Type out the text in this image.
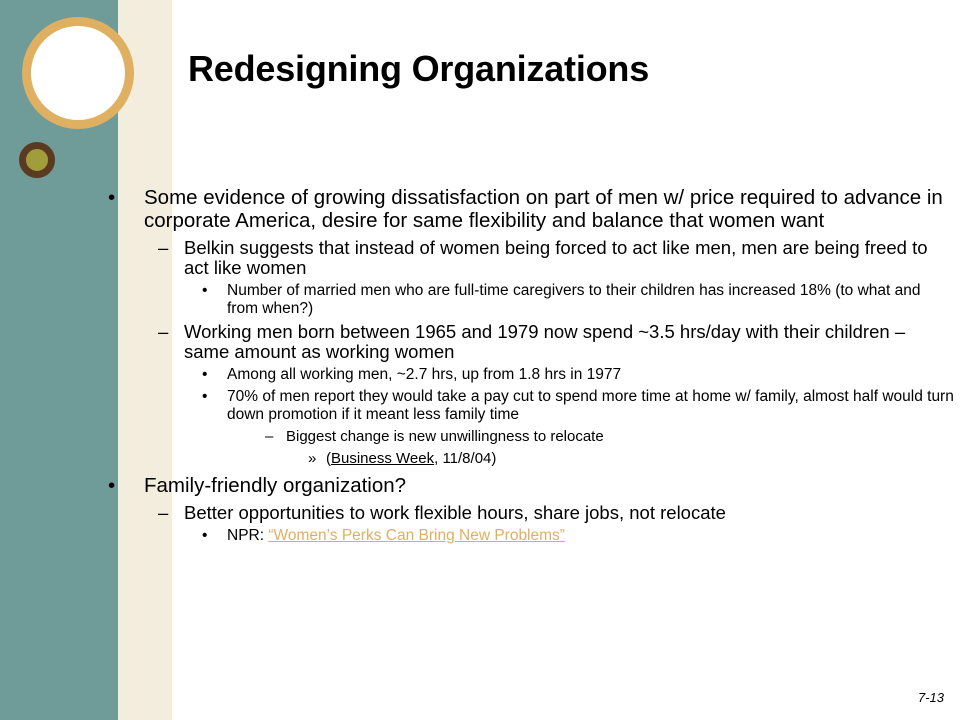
Redesigning Organizations
• Some evidence of growing dissatisfaction on part of men w/ price required to advance in corporate America, desire for same flexibility and balance that women want
– Belkin suggests that instead of women being forced to act like men, men are being freed to act like women
• Number of married men who are full-time caregivers to their children has increased 18% (to what and from when?)
– Working men born between 1965 and 1979 now spend ~3.5 hrs/day with their children – same amount as working women
• Among all working men, ~2.7 hrs, up from 1.8 hrs in 1977
• 70% of men report they would take a pay cut to spend more time at home w/ family, almost half would turn down promotion if it meant less family time
– Biggest change is new unwillingness to relocate
» (Business Week, 11/8/04)
• Family-friendly organization?
– Better opportunities to work flexible hours, share jobs, not relocate
• NPR: “Women’s Perks Can Bring New Problems”
7-13
